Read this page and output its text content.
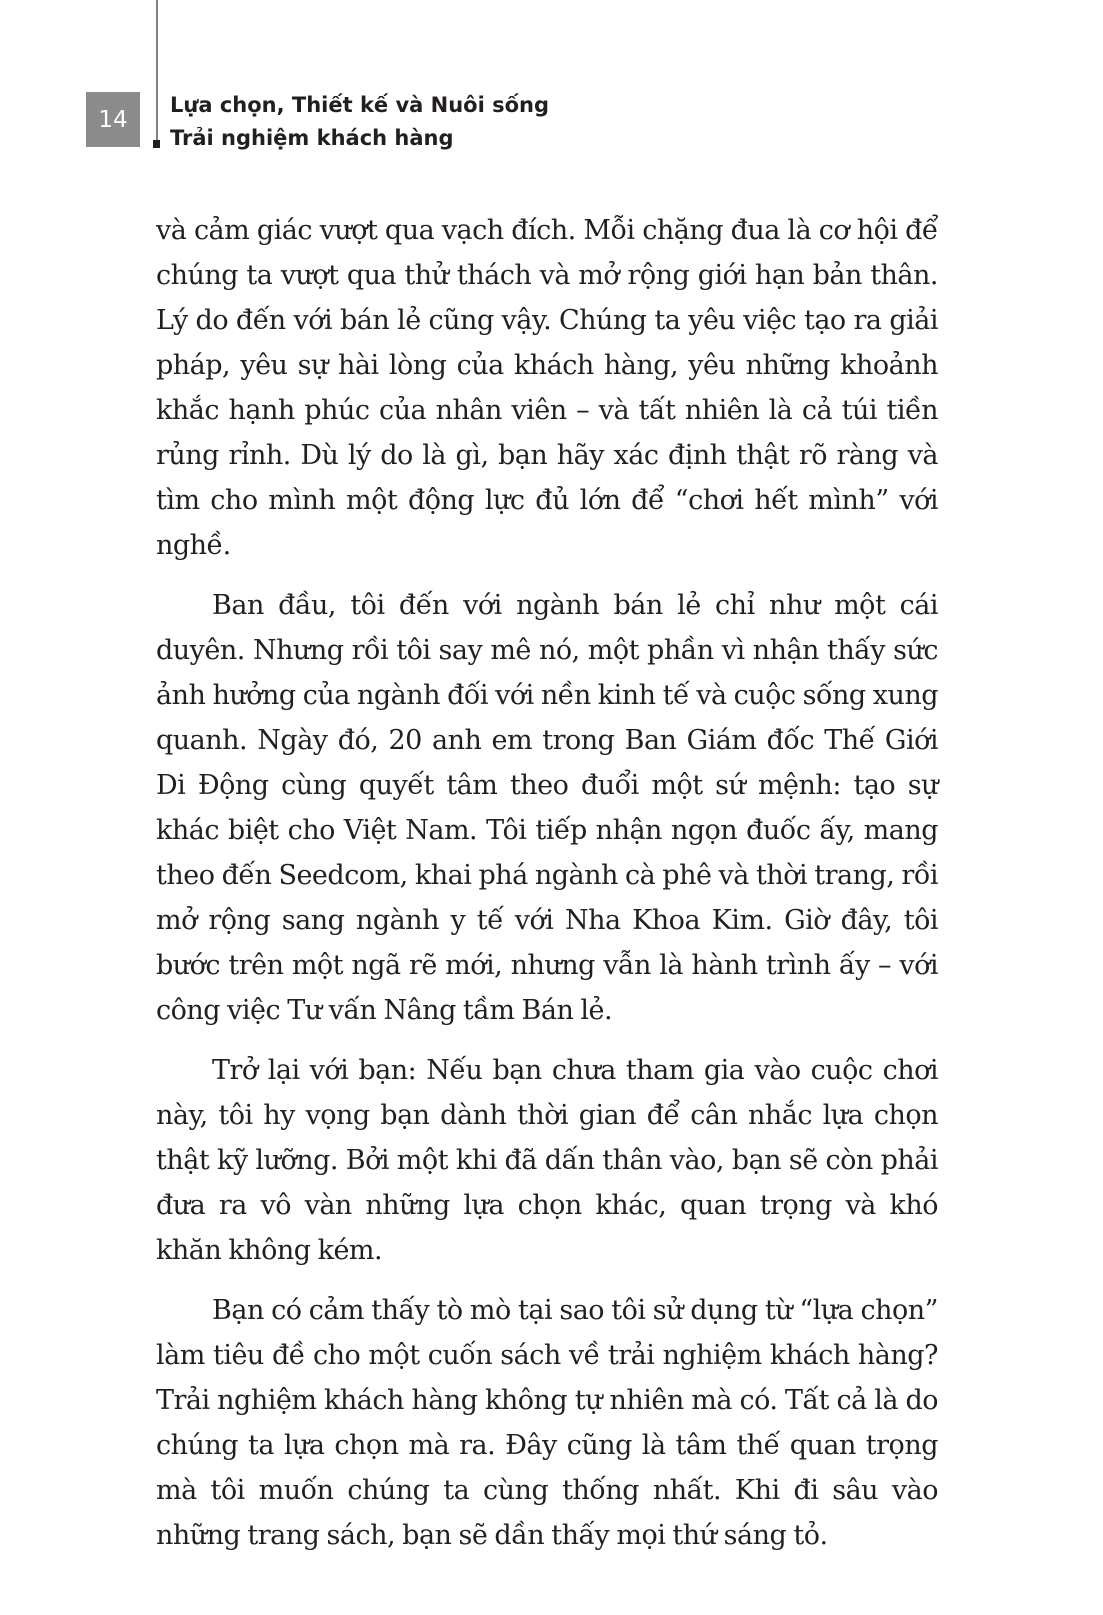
14
Lựa chọn, Thiết kế và Nuôi sống
Trải nghiệm khách hàng

và cảm giác vượt qua vạch đích. Mỗi chặng đua là cơ hội để chúng ta vượt qua thử thách và mở rộng giới hạn bản thân. Lý do đến với bán lẻ cũng vậy. Chúng ta yêu việc tạo ra giải pháp, yêu sự hài lòng của khách hàng, yêu những khoảnh khắc hạnh phúc của nhân viên – và tất nhiên là cả túi tiền rủng rỉnh. Dù lý do là gì, bạn hãy xác định thật rõ ràng và tìm cho mình một động lực đủ lớn để “chơi hết mình” với nghề.

Ban đầu, tôi đến với ngành bán lẻ chỉ như một cái duyên. Nhưng rồi tôi say mê nó, một phần vì nhận thấy sức ảnh hưởng của ngành đối với nền kinh tế và cuộc sống xung quanh. Ngày đó, 20 anh em trong Ban Giám đốc Thế Giới Di Động cùng quyết tâm theo đuổi một sứ mệnh: tạo sự khác biệt cho Việt Nam. Tôi tiếp nhận ngọn đuốc ấy, mang theo đến Seedcom, khai phá ngành cà phê và thời trang, rồi mở rộng sang ngành y tế với Nha Khoa Kim. Giờ đây, tôi bước trên một ngã rẽ mới, nhưng vẫn là hành trình ấy – với công việc Tư vấn Nâng tầm Bán lẻ.

Trở lại với bạn: Nếu bạn chưa tham gia vào cuộc chơi này, tôi hy vọng bạn dành thời gian để cân nhắc lựa chọn thật kỹ lưỡng. Bởi một khi đã dấn thân vào, bạn sẽ còn phải đưa ra vô vàn những lựa chọn khác, quan trọng và khó khăn không kém.

Bạn có cảm thấy tò mò tại sao tôi sử dụng từ “lựa chọn” làm tiêu đề cho một cuốn sách về trải nghiệm khách hàng? Trải nghiệm khách hàng không tự nhiên mà có. Tất cả là do chúng ta lựa chọn mà ra. Đây cũng là tâm thế quan trọng mà tôi muốn chúng ta cùng thống nhất. Khi đi sâu vào những trang sách, bạn sẽ dần thấy mọi thứ sáng tỏ.
